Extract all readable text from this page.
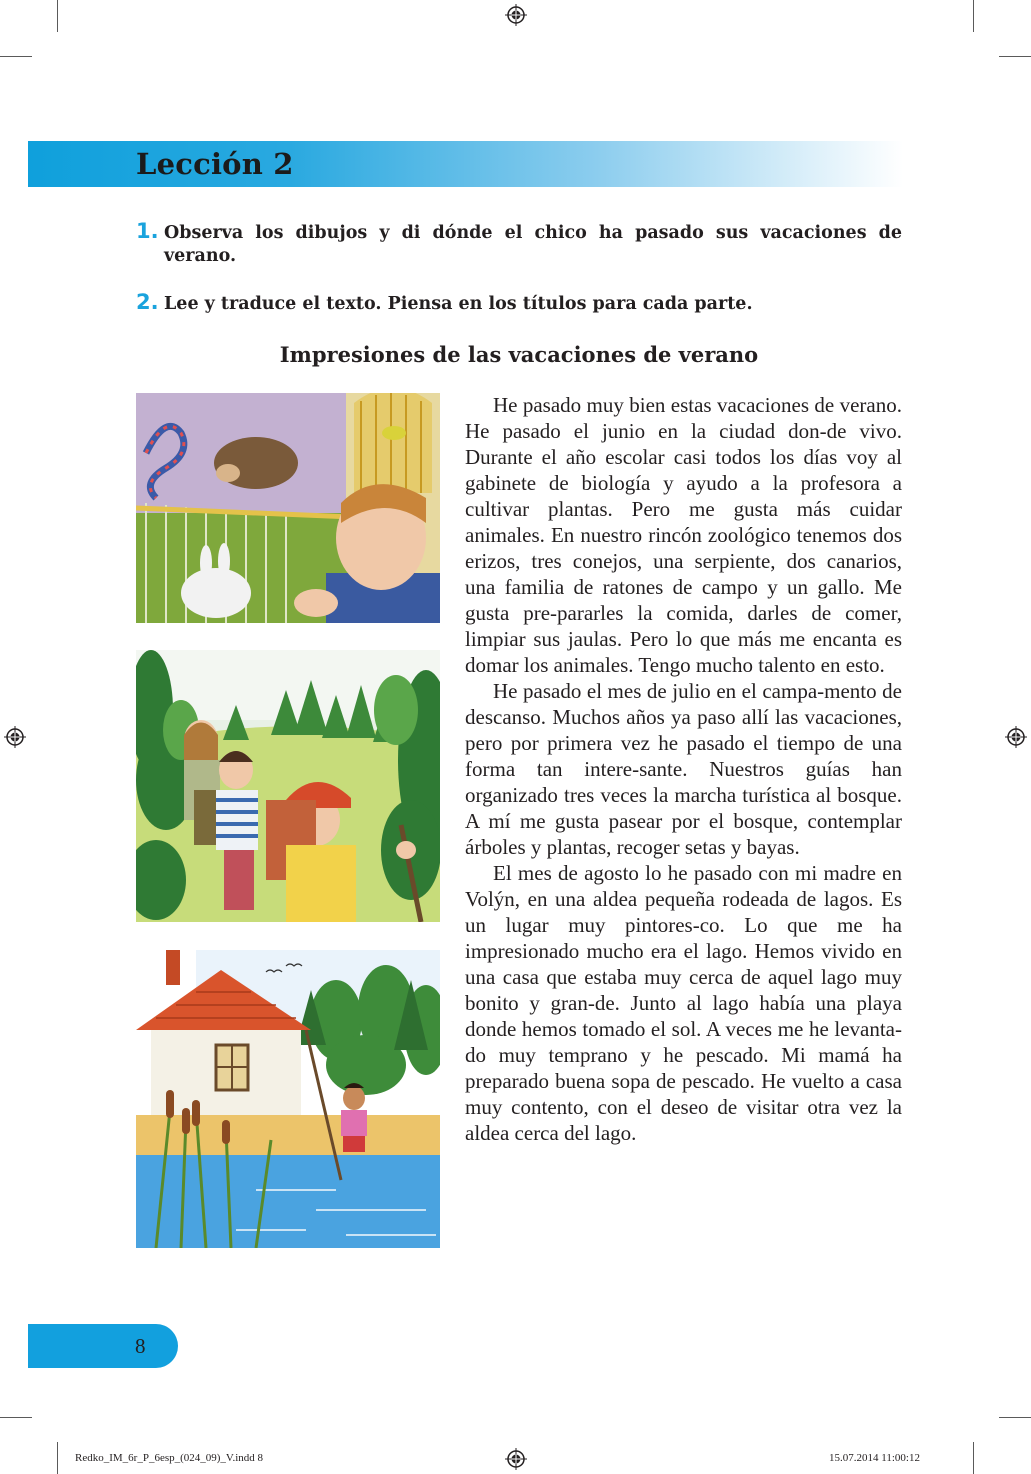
Lección 2
1. Observa los dibujos y di dónde el chico ha pasado sus vacaciones de verano.
2. Lee y traduce el texto. Piensa en los títulos para cada parte.
Impresiones de las vacaciones de verano

He pasado muy bien estas vacaciones de verano. He pasado el junio en la ciudad don-de vivo. Durante el año escolar casi todos los días voy al gabinete de biología y ayudo a la profesora a cultivar plantas. Pero me gusta más cuidar animales. En nuestro rincón zoológico tenemos dos erizos, tres conejos, una serpiente, dos canarios, una familia de ratones de campo y un gallo. Me gusta pre-pararles la comida, darles de comer, limpiar sus jaulas. Pero lo que más me encanta es domar los animales. Tengo mucho talento en esto.

He pasado el mes de julio en el campa-mento de descanso. Muchos años ya paso allí las vacaciones, pero por primera vez he pasado el tiempo de una forma tan intere-sante. Nuestros guías han organizado tres veces la marcha turística al bosque. A mí me gusta pasear por el bosque, contemplar árboles y plantas, recoger setas y bayas.

El mes de agosto lo he pasado con mi madre en Volýn, en una aldea pequeña rodeada de lagos. Es un lugar muy pintores-co. Lo que me ha impresionado mucho era el lago. Hemos vivido en una casa que estaba muy cerca de aquel lago muy bonito y gran-de. Junto al lago había una playa donde hemos tomado el sol. A veces me he levanta-do muy temprano y he pescado. Mi mamá ha preparado buena sopa de pescado. He vuelto a casa muy contento, con el deseo de visitar otra vez la aldea cerca del lago.

8
Redko_IM_6r_P_6esp_(024_09)_V.indd 8	15.07.2014 11:00:12
